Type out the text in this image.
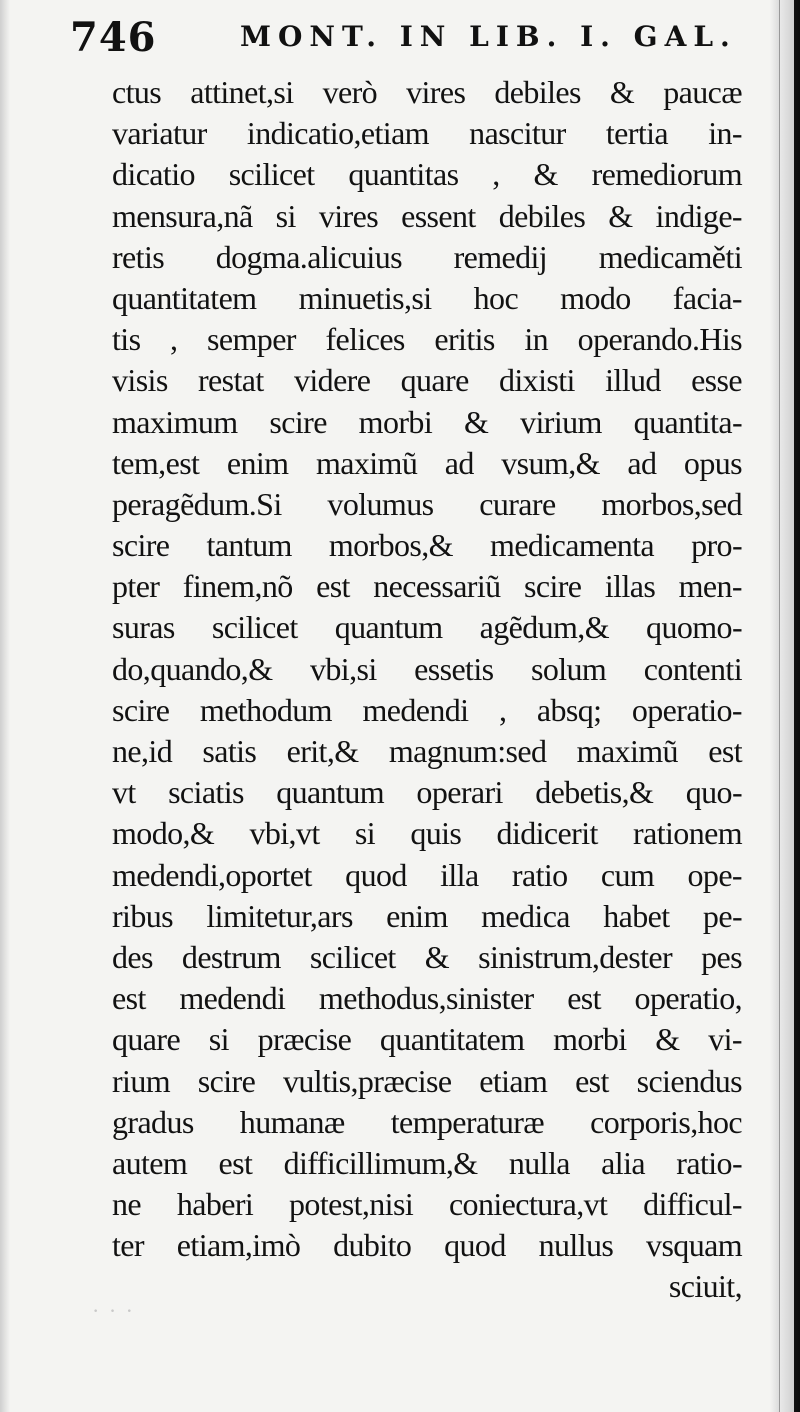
746	MONT. IN LIB. I. GAL.
ctus attinet,si verò vires debiles & paucæ
variatur indicatio,etiam nascitur tertia in-
dicatio scilicet quantitas , & remediorum
mensura,nã si vires essent debiles & indige-
retis dogma.alicuius remedij medicaměti
quantitatem minuetis,si hoc modo facia-
tis , semper felices eritis in operando.His
visis restat videre quare dixisti illud esse
maximum scire morbi & virium quantita-
tem,est enim maximũ ad vsum,& ad opus
peragẽdum.Si volumus curare morbos,sed
scire tantum morbos,& medicamenta pro-
pter finem,nõ est necessariũ scire illas men-
suras scilicet quantum agẽdum,& quomo-
do,quando,& vbi,si essetis solum contenti
scire methodum medendi , absq; operatio-
ne,id satis erit,& magnum:sed maximũ est
vt sciatis quantum operari debetis,& quo-
modo,& vbi,vt si quis didicerit rationem
medendi,oportet quod illa ratio cum ope-
ribus limitetur,ars enim medica habet pe-
des destrum scilicet & sinistrum,dester pes
est medendi methodus,sinister est operatio,
quare si præcise quantitatem morbi & vi-
rium scire vultis,præcise etiam est sciendus
gradus humanæ temperaturæ corporis,hoc
autem est difficillimum,& nulla alia ratio-
ne haberi potest,nisi coniectura,vt difficul-
ter etiam,imò dubito quod nullus vsquam
sciuit,
· · ·
